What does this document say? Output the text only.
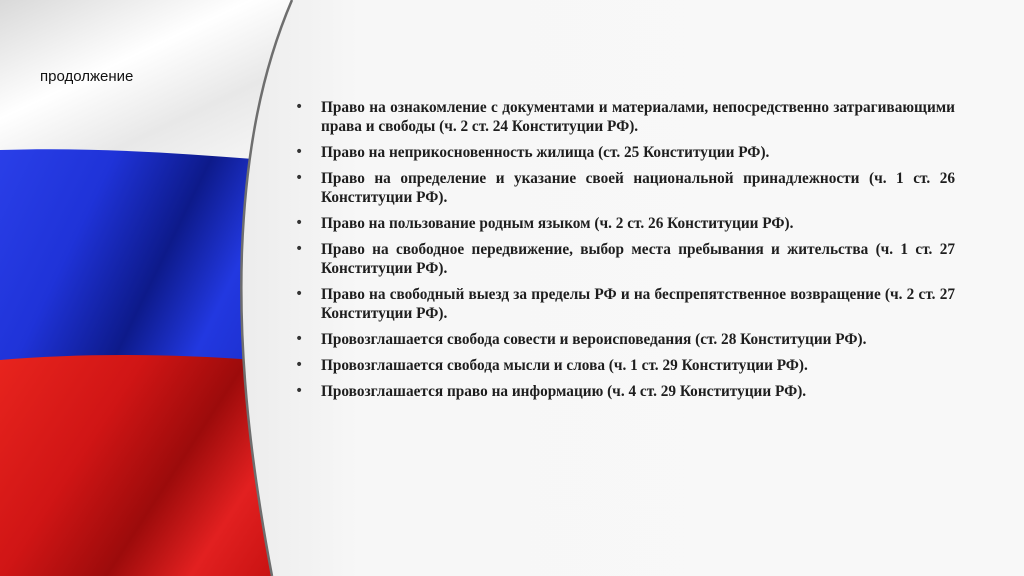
продолжение
• Право на ознакомление с документами и материалами, непосредственно затрагивающими права и свободы (ч. 2 ст. 24 Конституции РФ).
• Право на неприкосновенность жилища (ст. 25 Конституции РФ).
• Право на определение и указание своей национальной принадлежности (ч. 1 ст. 26 Конституции РФ).
• Право на пользование родным языком (ч. 2 ст. 26 Конституции РФ).
• Право на свободное передвижение, выбор места пребывания и жительства (ч. 1 ст. 27 Конституции РФ).
• Право на свободный выезд за пределы РФ и на беспрепятственное возвращение (ч. 2 ст. 27 Конституции РФ).
• Провозглашается свобода совести и вероисповедания (ст. 28 Конституции РФ).
• Провозглашается свобода мысли и слова (ч. 1 ст. 29 Конституции РФ).
• Провозглашается право на информацию (ч. 4 ст. 29 Конституции РФ).
